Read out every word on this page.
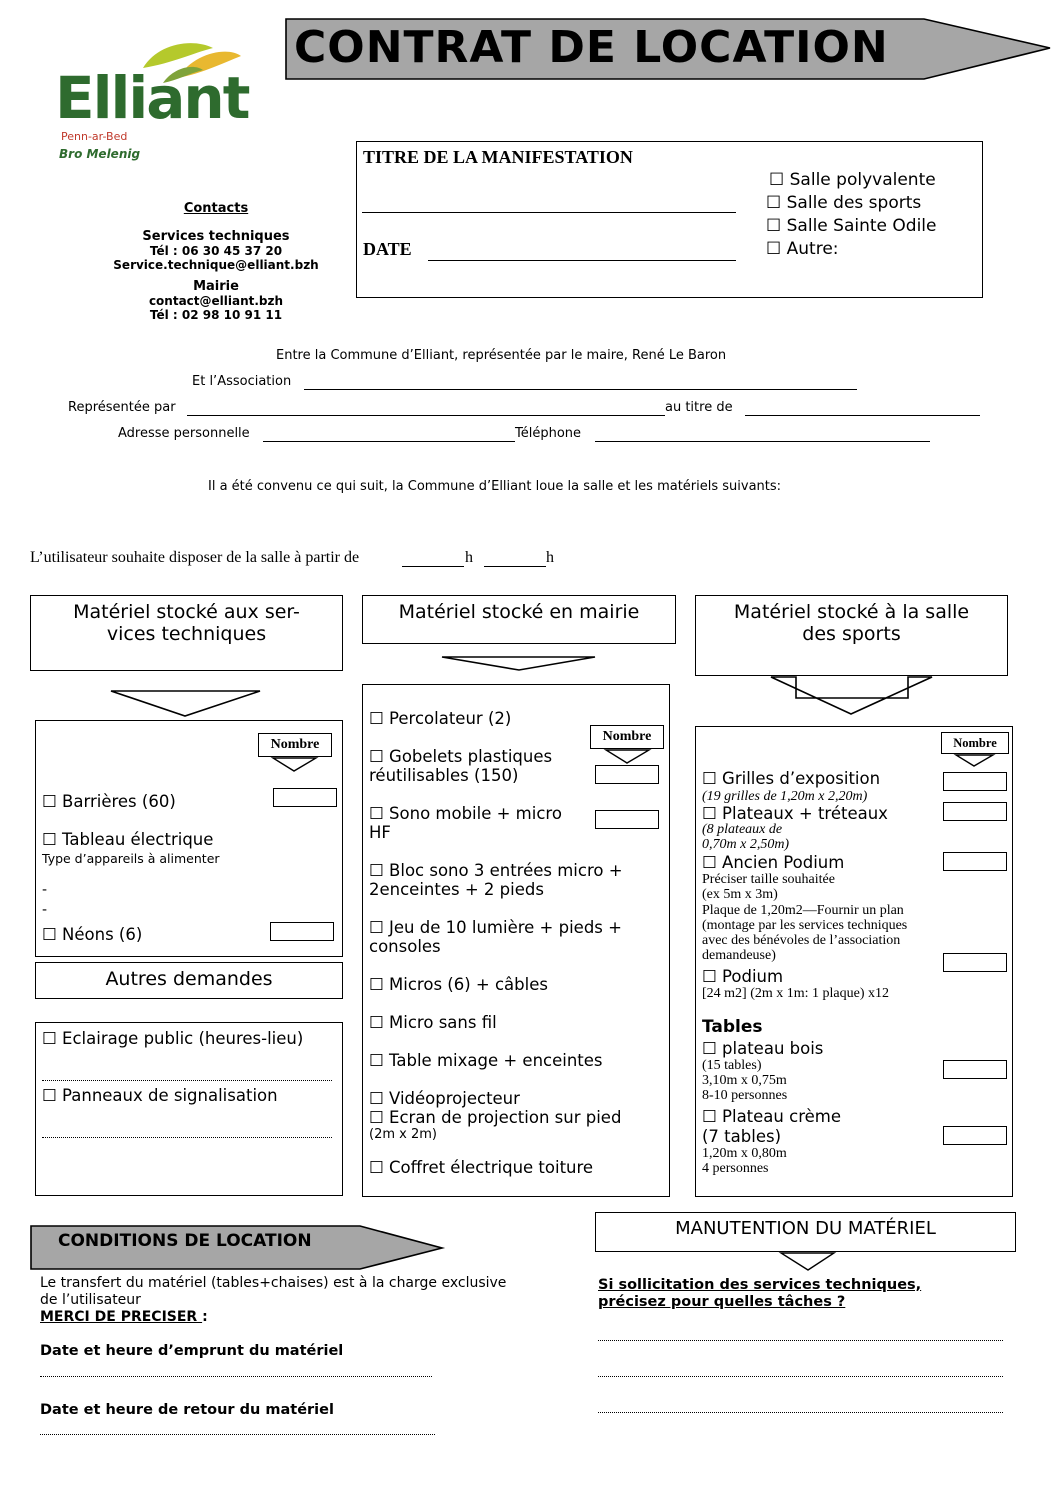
CONTRAT DE LOCATION
Elliant
Penn-ar-Bed
Bro Melenig
Contacts
Services techniques
Tél : 06 30 45 37 20
Service.technique@elliant.bzh
Mairie
contact@elliant.bzh
Tél : 02 98 10 91 11
TITRE DE LA MANIFESTATION
DATE
☐ Salle polyvalente
☐ Salle des sports
☐ Salle Sainte Odile
☐ Autre:
Entre la Commune d’Elliant, représentée par le maire, René Le Baron
Et l’Association
Représentée par	au titre de
Adresse personnelle	Téléphone
Il a été convenu ce qui suit, la Commune d’Elliant loue la salle et les matériels suivants:
L’utilisateur souhaite disposer de la salle à partir de	h	h
Matériel stocké aux ser-
vices techniques
Nombre
☐ Barrières (60)
☐ Tableau électrique
Type d’appareils à alimenter
-
-
☐ Néons (6)
Autres demandes
☐ Eclairage public (heures-lieu)
☐ Panneaux de signalisation
Matériel stocké en mairie
Nombre
☐ Percolateur (2)
☐ Gobelets plastiques
réutilisables (150)
☐ Sono mobile + micro
HF
☐ Bloc sono 3 entrées micro +
2enceintes + 2 pieds
☐ Jeu de 10 lumière + pieds +
consoles
☐ Micros (6) + câbles
☐ Micro sans fil
☐ Table mixage + enceintes
☐ Vidéoprojecteur
☐ Ecran de projection sur pied
(2m x 2m)
☐ Coffret électrique toiture
Matériel stocké à la salle
des sports
Nombre
☐ Grilles d’exposition
(19 grilles de 1,20m x 2,20m)
☐ Plateaux + tréteaux
(8 plateaux de
0,70m x 2,50m)
☐ Ancien Podium
Préciser taille souhaitée
(ex 5m x 3m)
Plaque de 1,20m2—Fournir un plan
(montage par les services techniques
avec des bénévoles de l’association
demandeuse)
☐ Podium
[24 m2] (2m x 1m: 1 plaque) x12
Tables
☐ plateau bois
(15 tables)
3,10m x 0,75m
8-10 personnes
☐ Plateau crème
(7 tables)
1,20m x 0,80m
4 personnes
CONDITIONS DE LOCATION
Le transfert du matériel (tables+chaises) est à la charge exclusive
de l’utilisateur
MERCI DE PRECISER :
Date et heure d’emprunt du matériel
Date et heure de retour du matériel
MANUTENTION DU MATÉRIEL
Si sollicitation des services techniques,
précisez pour quelles tâches ?
